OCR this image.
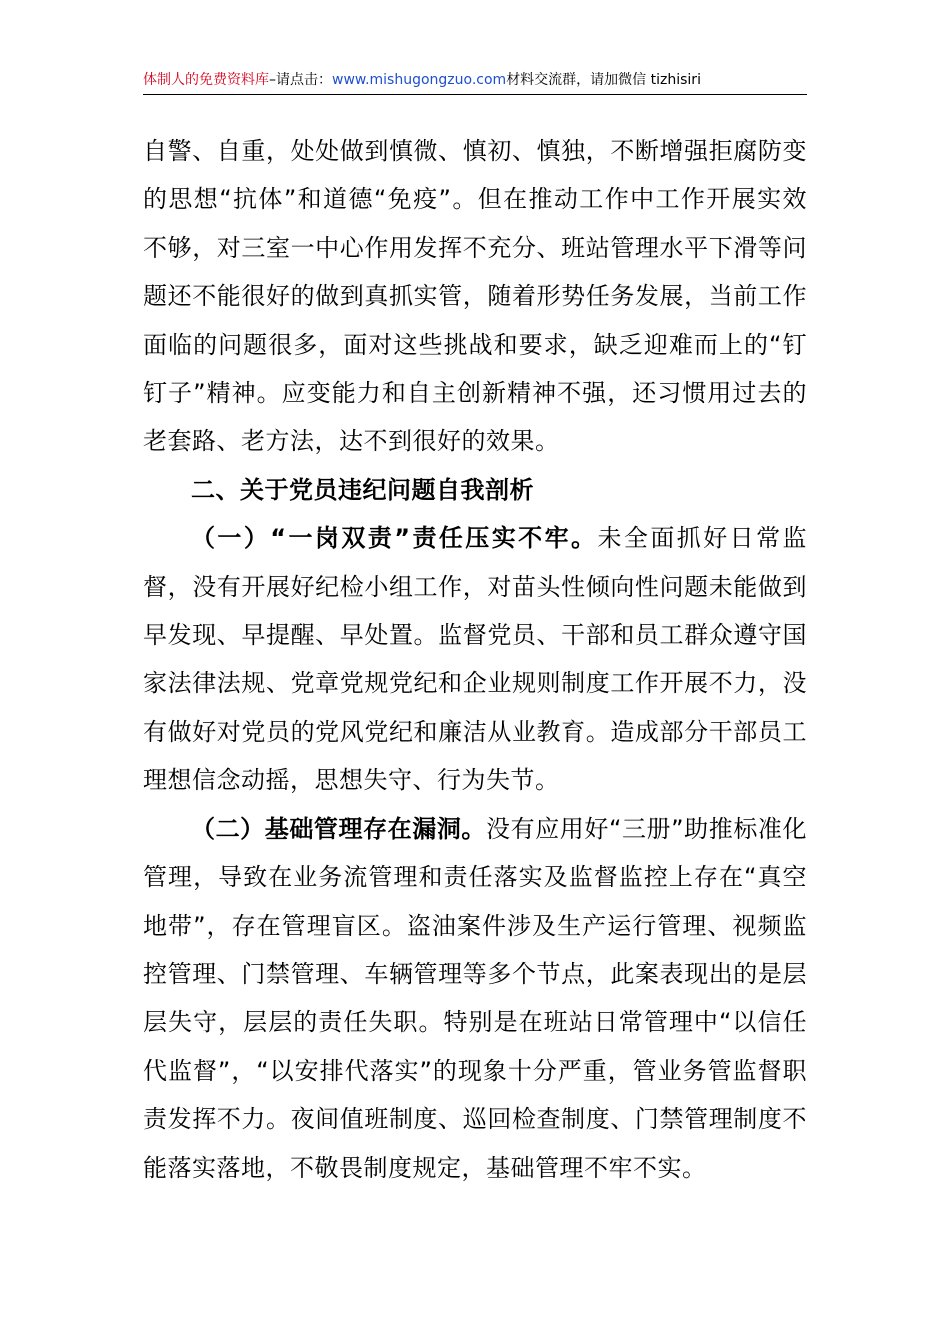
体制人的免费资料库–请点击：www.mishugongzuo.com材料交流群，请加微信 tizhisiri

自警、自重，处处做到慎微、慎初、慎独，不断增强拒腐防变的思想“抗体”和道德“免疫”。但在推动工作中工作开展实效不够，对三室一中心作用发挥不充分、班站管理水平下滑等问题还不能很好的做到真抓实管，随着形势任务发展，当前工作面临的问题很多，面对这些挑战和要求，缺乏迎难而上的“钉钉子”精神。应变能力和自主创新精神不强，还习惯用过去的老套路、老方法，达不到很好的效果。

二、关于党员违纪问题自我剖析

（一）“一岗双责”责任压实不牢。未全面抓好日常监督，没有开展好纪检小组工作，对苗头性倾向性问题未能做到早发现、早提醒、早处置。监督党员、干部和员工群众遵守国家法律法规、党章党规党纪和企业规则制度工作开展不力，没有做好对党员的党风党纪和廉洁从业教育。造成部分干部员工理想信念动摇，思想失守、行为失节。

（二）基础管理存在漏洞。没有应用好“三册”助推标准化管理，导致在业务流管理和责任落实及监督监控上存在“真空地带”，存在管理盲区。盗油案件涉及生产运行管理、视频监控管理、门禁管理、车辆管理等多个节点，此案表现出的是层层失守，层层的责任失职。特别是在班站日常管理中“以信任代监督”，“以安排代落实”的现象十分严重，管业务管监督职责发挥不力。夜间值班制度、巡回检查制度、门禁管理制度不能落实落地，不敬畏制度规定，基础管理不牢不实。
